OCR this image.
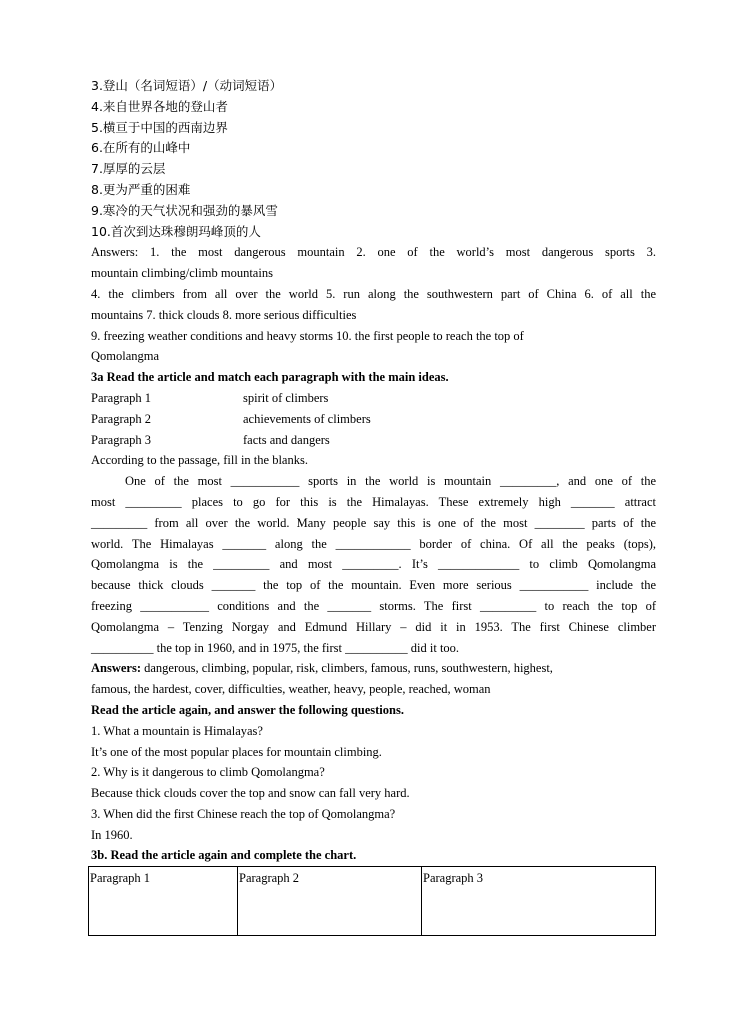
3.登山（名词短语）/（动词短语）
4.来自世界各地的登山者
5.横亘于中国的西南边界
6.在所有的山峰中
7.厚厚的云层
8.更为严重的困难
9.寒冷的天气状况和强劲的暴风雪
10.首次到达珠穆朗玛峰顶的人
Answers: 1. the most dangerous mountain 2. one of the world’s most dangerous sports 3.
mountain climbing/climb mountains
4. the climbers from all over the world 5. run along the southwestern part of China 6. of all the
mountains 7. thick clouds 8. more serious difficulties
9. freezing weather conditions and heavy storms 10. the first people to reach the top of
Qomolangma
3a Read the article and match each paragraph with the main ideas.
Paragraph 1	spirit of climbers
Paragraph 2	achievements of climbers
Paragraph 3	facts and dangers
According to the passage, fill in the blanks.
One of the most ___________ sports in the world is mountain _________, and one of the
most _________ places to go for this is the Himalayas. These extremely high _______ attract
_________ from all over the world. Many people say this is one of the most ________ parts of the
world. The Himalayas _______ along the ____________ border of china. Of all the peaks (tops),
Qomolangma is the _________ and most _________. It’s _____________ to climb Qomolangma
because thick clouds _______ the top of the mountain. Even more serious ___________ include the
freezing ___________ conditions and the _______ storms. The first _________ to reach the top of
Qomolangma – Tenzing Norgay and Edmund Hillary – did it in 1953. The first Chinese climber
__________ the top in 1960, and in 1975, the first __________ did it too.
Answers: dangerous, climbing, popular, risk, climbers, famous, runs, southwestern, highest,
famous, the hardest, cover, difficulties, weather, heavy, people, reached, woman
Read the article again, and answer the following questions.
1. What a mountain is Himalayas?
It’s one of the most popular places for mountain climbing.
2. Why is it dangerous to climb Qomolangma?
Because thick clouds cover the top and snow can fall very hard.
3. When did the first Chinese reach the top of Qomolangma?
In 1960.
3b. Read the article again and complete the chart.
Paragraph 1	Paragraph 2	Paragraph 3
